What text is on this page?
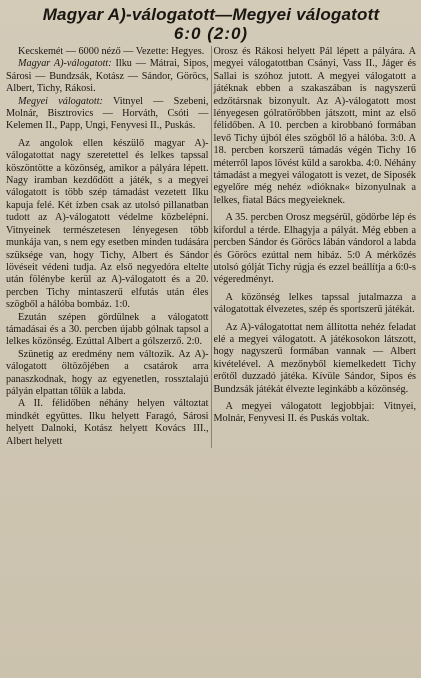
Magyar A)-válogatott—Megyei válogatott
6:0 (2:0)

Kecskemét — 6000 néző — Vezette: Hegyes.

Magyar A)-válogatott: Ilku — Mátrai, Sipos, Sárosi — Bundzsák, Kotász — Sándor, Göröcs, Albert, Tichy, Rákosi.

Megyei válogatott: Vitnyel — Szebeni, Molnár, Bisztrovics — Horváth, Csóti — Kelemen II., Papp, Ungi, Fenyvesi II., Puskás.

Az angolok ellen készülő magyar A)-válogatottat nagy szeretettel és lelkes tapssal köszöntötte a közönség, amikor a pályára lépett. Nagy iramban kezdődött a játék, s a megyei válogatott is több szép támadást vezetett Ilku kapuja felé. Két ízben csak az utolsó pillanatban tudott az A)-válogatott védelme közbelépni. Vitnyeinek természetesen lényegesen több munkája van, s nem egy esetben minden tudására szüksége van, hogy Tichy, Albert és Sándor lövéseit védeni tudja. Az első negyedóra eltelte után fölénybe kerül az A)-válogatott és a 20. percben Tichy mintaszerű elfutás után éles szögből a hálóba bombáz. 1:0.

Ezután szépen gördülnek a válogatott támadásai és a 30. percben újabb gólnak tapsol a lelkes közönség. Ezúttal Albert a gólszerző. 2:0.

Szünetig az eredmény nem változik. Az A)-válogatott öltözőjében a csatárok arra panaszkodnak, hogy az egyenetlen, rossztalajú pályán elpattan tőlük a labda.

A II. félidőben néhány helyen változtat mindkét együttes. Ilku helyett Faragó, Sárosi helyett Dalnoki, Kotász helyett Kovács III., Albert helyett

Orosz és Rákosi helyett Pál lépett a pályára. A megyei válogatottban Csányi, Vass II., Jáger és Sallai is szóhoz jutott. A megyei válogatott a játéknak ebben a szakaszában is nagyszerű edzőtársnak bizonyult. Az A)-válogatott most lényegesen gólratörőbben játszott, mint az első félidőben. A 10. percben a kirobbanó formában levő Tichy újból éles szögből lő a hálóba. 3:0. A 18. percben korszerű támadás végén Tichy 16 méterről lapos lövést küld a sarokba. 4:0. Néhány támadást a megyei válogatott is vezet, de Siposék egyelőre még nehéz »dióknak« bizonyulnak a lelkes, fiatal Bács megyeieknek.

A 35. percben Orosz megsérül, gödörbe lép és kifordul a térde. Elhagyja a pályát. Még ebben a percben Sándor és Göröcs lábán vándorol a labda és Göröcs ezúttal nem hibáz. 5:0 A mérkőzés utolsó gólját Tichy rúgja és ezzel beállítja a 6:0-s végeredményt.

A közönség lelkes tapssal jutalmazza a válogatottak élvezetes, szép és sportszerű játékát.

Az A)-válogatottat nem állította nehéz feladat elé a megyei válogatott. A játékosokon látszott, hogy nagyszerű formában vannak — Albert kivételével. A mezőnyből kiemelkedett Tichy erőtől duzzadó játéka. Kívüle Sándor, Sipos és Bundzsák játékát élvezte leginkább a közönség.

A megyei válogatott legjobbjai: Vitnyei, Molnár, Fenyvesi II. és Puskás voltak.
